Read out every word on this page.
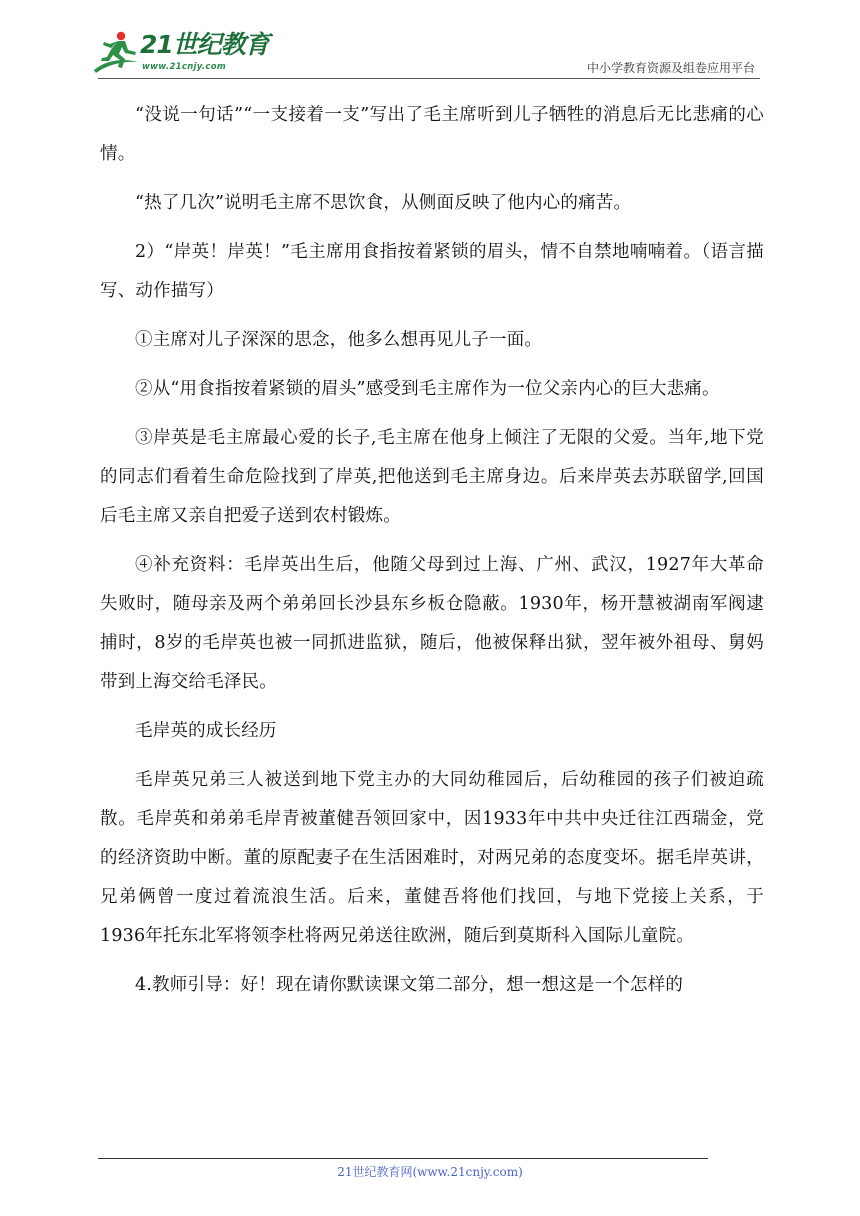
21世纪教育
www.21cnjy.com	中小学教育资源及组卷应用平台

“没说一句话”“一支接着一支”写出了毛主席听到儿子牺牲的消息后无比悲痛的心情。

“热了几次”说明毛主席不思饮食，从侧面反映了他内心的痛苦。

2）“岸英！岸英！”毛主席用食指按着紧锁的眉头，情不自禁地喃喃着。（语言描写、动作描写）

①主席对儿子深深的思念，他多么想再见儿子一面。

②从“用食指按着紧锁的眉头”感受到毛主席作为一位父亲内心的巨大悲痛。

③岸英是毛主席最心爱的长子,毛主席在他身上倾注了无限的父爱。当年,地下党的同志们看着生命危险找到了岸英,把他送到毛主席身边。后来岸英去苏联留学,回国后毛主席又亲自把爱子送到农村锻炼。

④补充资料：毛岸英出生后，他随父母到过上海、广州、武汉，1927年大革命失败时，随母亲及两个弟弟回长沙县东乡板仓隐蔽。1930年，杨开慧被湖南军阀逮捕时，8岁的毛岸英也被一同抓进监狱，随后，他被保释出狱，翌年被外祖母、舅妈带到上海交给毛泽民。

毛岸英的成长经历

毛岸英兄弟三人被送到地下党主办的大同幼稚园后，后幼稚园的孩子们被迫疏散。毛岸英和弟弟毛岸青被董健吾领回家中，因1933年中共中央迁往江西瑞金，党的经济资助中断。董的原配妻子在生活困难时，对两兄弟的态度变坏。据毛岸英讲，兄弟俩曾一度过着流浪生活。后来，董健吾将他们找回，与地下党接上关系，于1936年托东北军将领李杜将两兄弟送往欧洲，随后到莫斯科入国际儿童院。

4.教师引导：好！现在请你默读课文第二部分，想一想这是一个怎样的

21世纪教育网(www.21cnjy.com)
